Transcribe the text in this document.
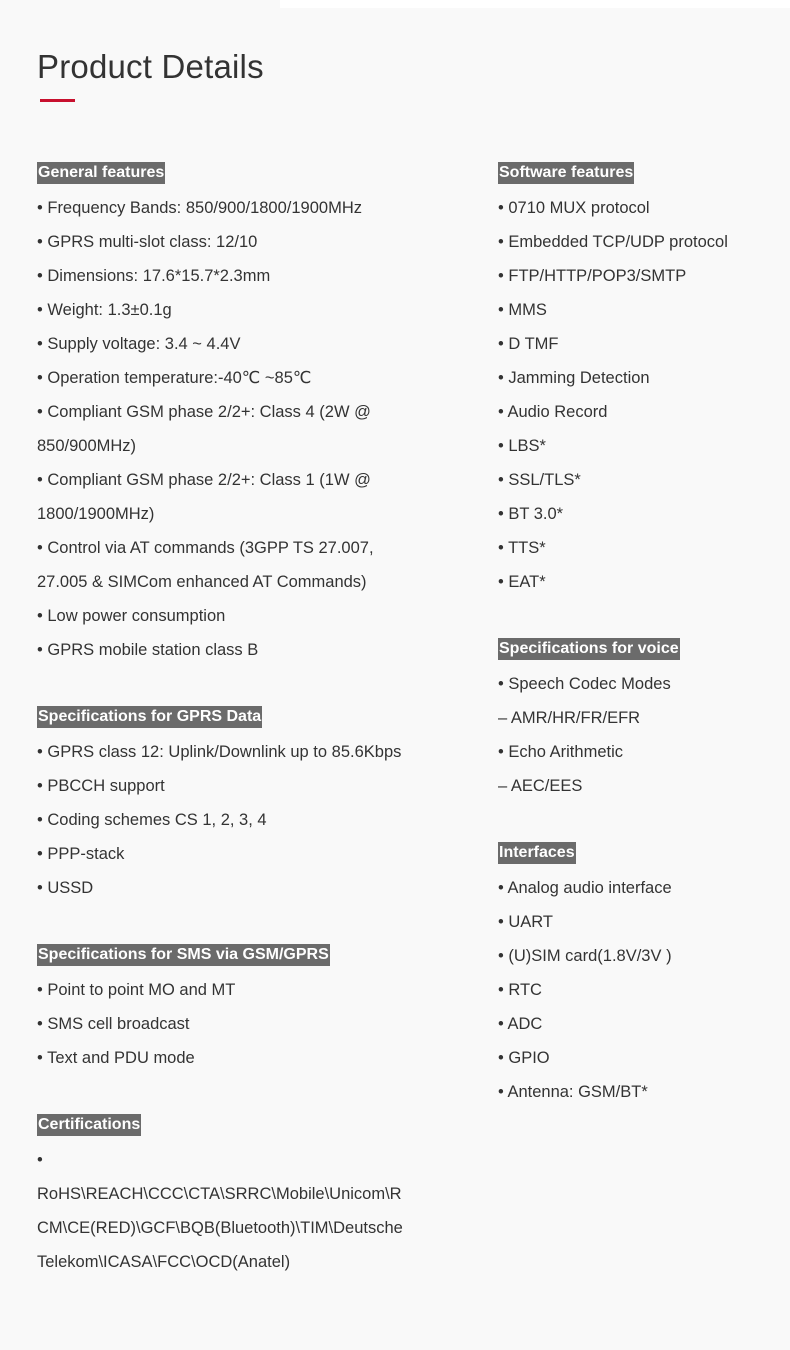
Product Details
General features
• Frequency Bands: 850/900/1800/1900MHz
• GPRS multi-slot class: 12/10
• Dimensions: 17.6*15.7*2.3mm
• Weight: 1.3±0.1g
• Supply voltage: 3.4 ~ 4.4V
• Operation temperature:-40℃ ~85℃
• Compliant GSM phase 2/2+: Class 4 (2W @
850/900MHz)
• Compliant GSM phase 2/2+: Class 1 (1W @
1800/1900MHz)
• Control via AT commands (3GPP TS 27.007,
27.005 & SIMCom enhanced AT Commands)
• Low power consumption
• GPRS mobile station class B
Specifications for GPRS Data
• GPRS class 12: Uplink/Downlink up to 85.6Kbps
• PBCCH support
• Coding schemes CS 1, 2, 3, 4
• PPP-stack
• USSD
Specifications for SMS via GSM/GPRS
• Point to point MO and MT
• SMS cell broadcast
• Text and PDU mode
Certifications
•
RoHS\REACH\CCC\CTA\SRRC\Mobile\Unicom\R
CM\CE(RED)\GCF\BQB(Bluetooth)\TIM\Deutsche
Telekom\ICASA\FCC\OCD(Anatel)
Software features
• 0710 MUX protocol
• Embedded TCP/UDP protocol
• FTP/HTTP/POP3/SMTP
• MMS
• D TMF
• Jamming Detection
• Audio Record
• LBS*
• SSL/TLS*
• BT 3.0*
• TTS*
• EAT*
Specifications for voice
• Speech Codec Modes
– AMR/HR/FR/EFR
• Echo Arithmetic
– AEC/EES
Interfaces
• Analog audio interface
• UART
• (U)SIM card(1.8V/3V )
• RTC
• ADC
• GPIO
• Antenna: GSM/BT*
